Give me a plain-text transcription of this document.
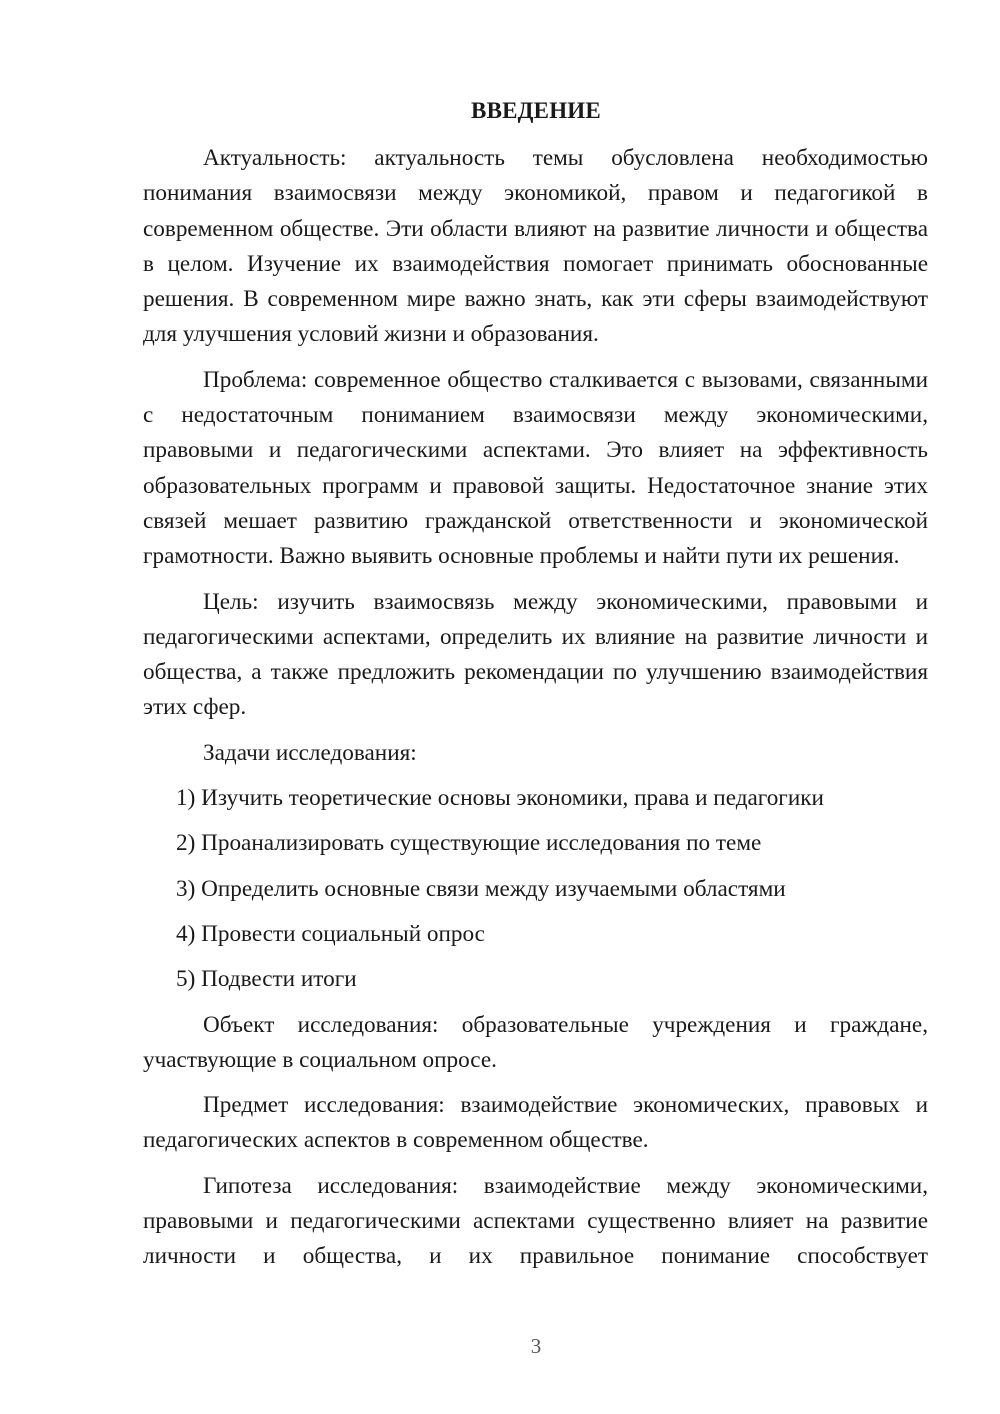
ВВЕДЕНИЕ

Актуальность: актуальность темы обусловлена необходимостью понимания взаимосвязи между экономикой, правом и педагогикой в современном обществе. Эти области влияют на развитие личности и общества в целом. Изучение их взаимодействия помогает принимать обоснованные решения. В современном мире важно знать, как эти сферы взаимодействуют для улучшения условий жизни и образования.

Проблема: современное общество сталкивается с вызовами, связанными с недостаточным пониманием взаимосвязи между экономическими, правовыми и педагогическими аспектами. Это влияет на эффективность образовательных программ и правовой защиты. Недостаточное знание этих связей мешает развитию гражданской ответственности и экономической грамотности. Важно выявить основные проблемы и найти пути их решения.

Цель: изучить взаимосвязь между экономическими, правовыми и педагогическими аспектами, определить их влияние на развитие личности и общества, а также предложить рекомендации по улучшению взаимодействия этих сфер.

Задачи исследования:

1) Изучить теоретические основы экономики, права и педагогики
2) Проанализировать существующие исследования по теме
3) Определить основные связи между изучаемыми областями
4) Провести социальный опрос
5) Подвести итоги

Объект исследования: образовательные учреждения и граждане, участвующие в социальном опросе.

Предмет исследования: взаимодействие экономических, правовых и педагогических аспектов в современном обществе.

Гипотеза исследования: взаимодействие между экономическими, правовыми и педагогическими аспектами существенно влияет на развитие личности и общества, и их правильное понимание способствует

3
